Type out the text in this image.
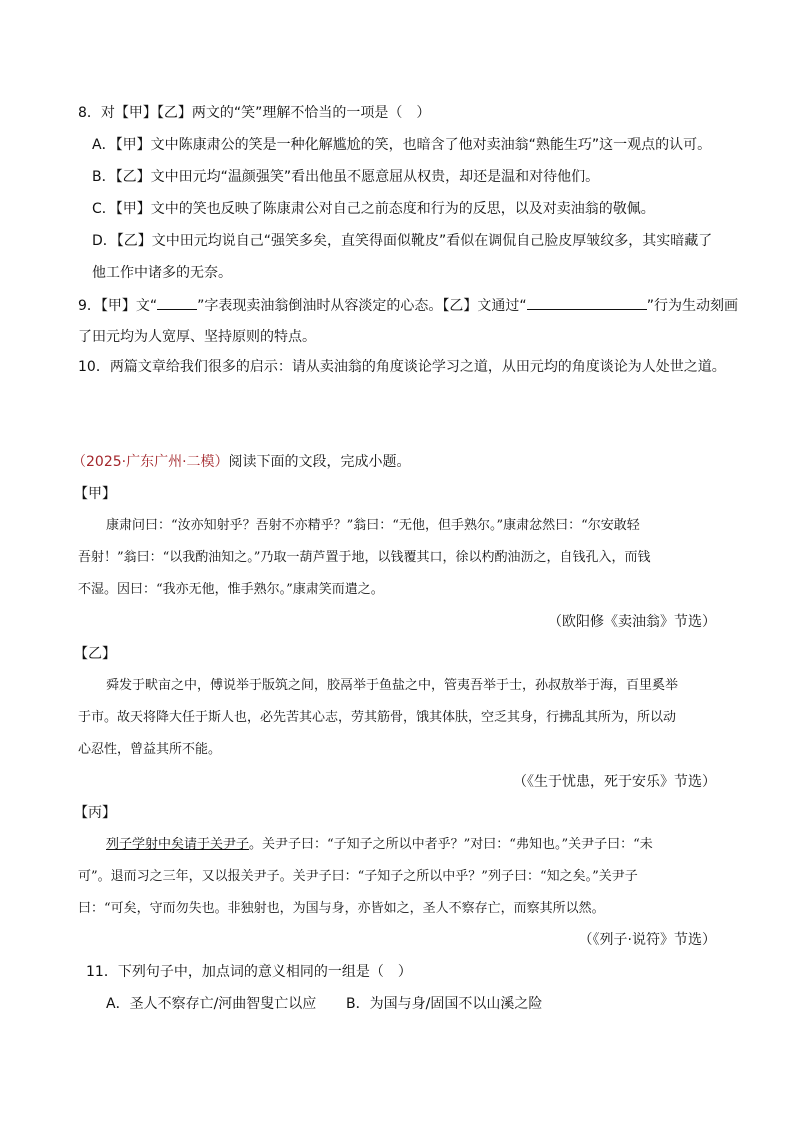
8．对【甲】【乙】两文的“笑”理解不恰当的一项是（　）
A．【甲】文中陈康肃公的笑是一种化解尴尬的笑，也暗含了他对卖油翁“熟能生巧”这一观点的认可。
B．【乙】文中田元均“温颜强笑”看出他虽不愿意屈从权贵，却还是温和对待他们。
C．【甲】文中的笑也反映了陈康肃公对自己之前态度和行为的反思，以及对卖油翁的敬佩。
D．【乙】文中田元均说自己“强笑多矣，直笑得面似靴皮”看似在调侃自己脸皮厚皱纹多，其实暗藏了
他工作中诸多的无奈。
9．【甲】文“	”字表现卖油翁倒油时从容淡定的心态。【乙】文通过“	”行为生动刻画
了田元均为人宽厚、坚持原则的特点。
10．两篇文章给我们很多的启示：请从卖油翁的角度谈论学习之道，从田元均的角度谈论为人处世之道。
（2025·广东广州·二模）阅读下面的文段，完成小题。
【甲】
康肃问曰：“汝亦知射乎？吾射不亦精乎？”翁曰：“无他，但手熟尔。”康肃忿然曰：“尔安敢轻
吾射！”翁曰：“以我酌油知之。”乃取一葫芦置于地，以钱覆其口，徐以杓酌油沥之，自钱孔入，而钱
不湿。因曰：“我亦无他，惟手熟尔。”康肃笑而遣之。
（欧阳修《卖油翁》节选）
【乙】
舜发于畎亩之中，傅说举于版筑之间，胶鬲举于鱼盐之中，管夷吾举于士，孙叔敖举于海，百里奚举
于市。故天将降大任于斯人也，必先苦其心志，劳其筋骨，饿其体肤，空乏其身，行拂乱其所为，所以动
心忍性，曾益其所不能。
（《生于忧患，死于安乐》节选）
【丙】
列子学射中矣请于关尹子。关尹子曰：“子知子之所以中者乎？”对曰：“弗知也。”关尹子曰：“未
可”。退而习之三年，又以报关尹子。关尹子曰：“子知子之所以中乎？”列子曰：“知之矣。”关尹子
曰：“可矣，守而勿失也。非独射也，为国与身，亦皆如之，圣人不察存亡，而察其所以然。
（《列子·说符》节选）
11．下列句子中，加点词的意义相同的一组是（　）
A．圣人不察存亡/河曲智叟亡以应 B．为国与身/固国不以山溪之险
